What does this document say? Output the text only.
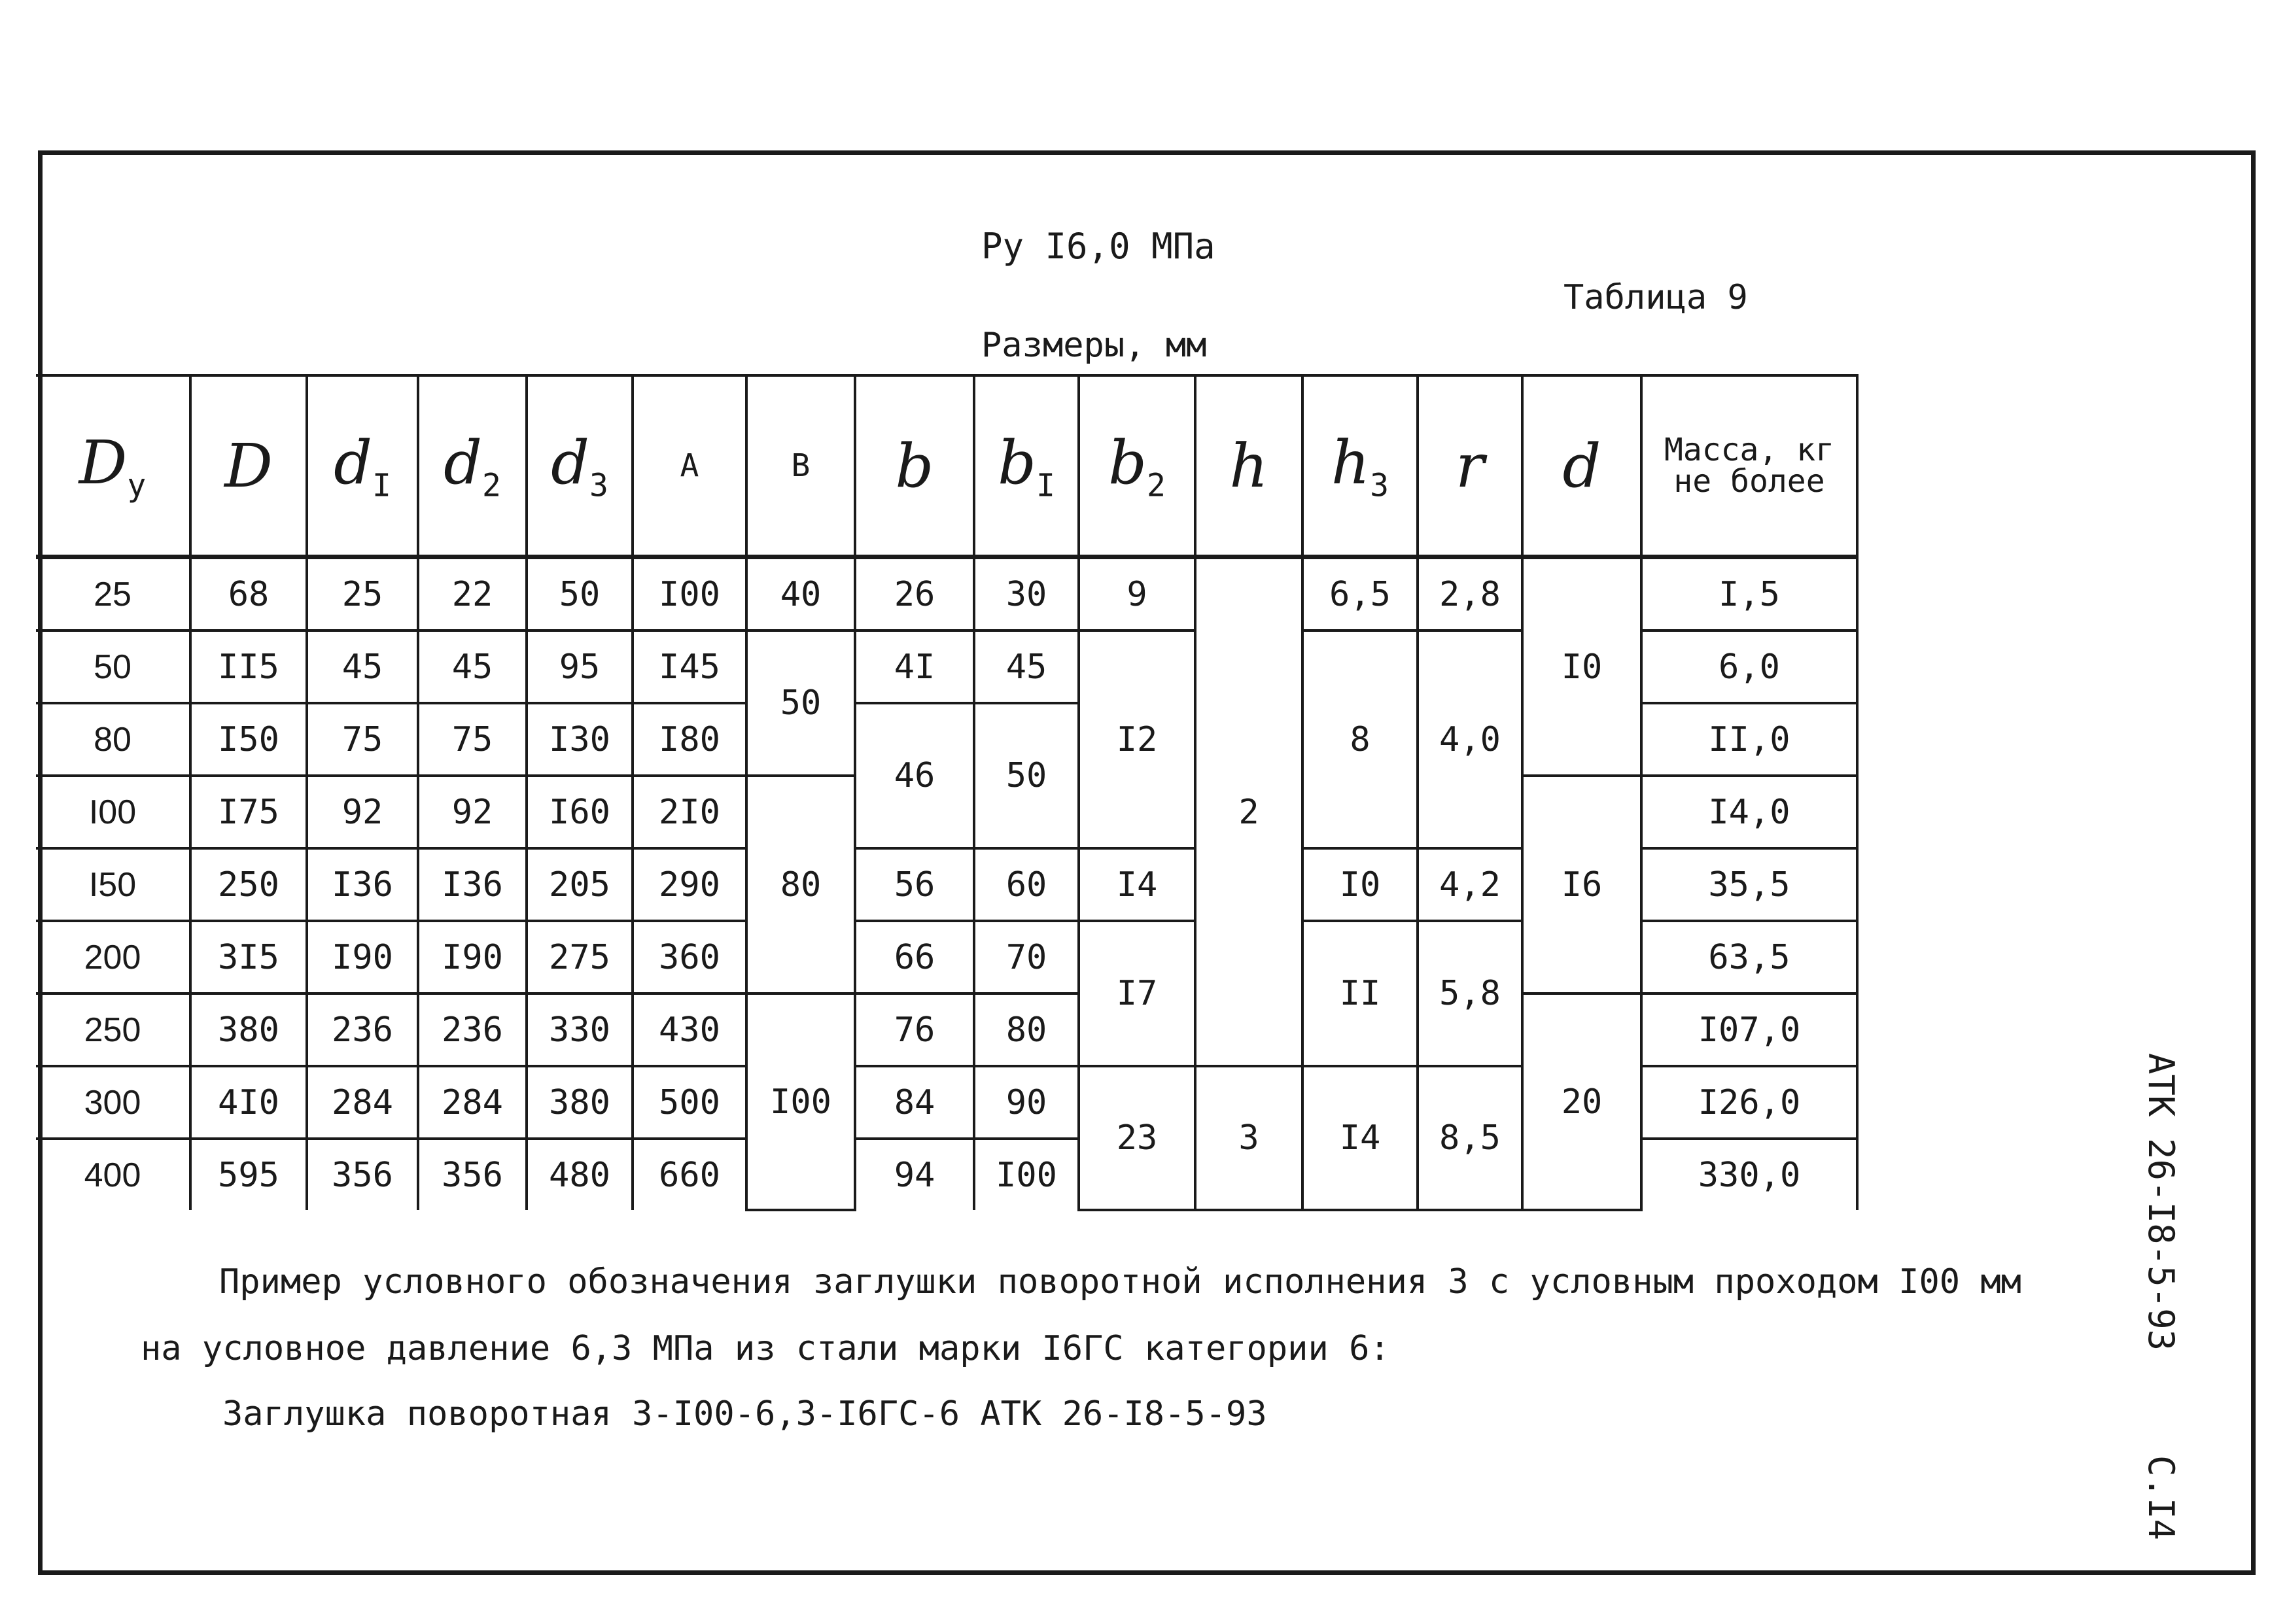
Ру I6,0 МПа
Таблица 9
Размеры, мм
$D_у$	D	$d_I$	$d_2$	$d_3$	А	В	b	$b_I$	$b_2$	h	$h_3$	r	d	Масса, кг не более
25	68	25	22	50	I00	40	26	30	9	2	6,5	2,8	I0	I,5
50	II5	45	45	95	I45	50	4I	45	I2		8	4,0		6,0
80	I50	75	75	I30	I80		46	50						II,0
I00	I75	92	92	I60	2I0	80							I6	I4,0
I50	250	I36	I36	205	290		56	60	I4		I0	4,2		35,5
200	3I5	I90	I90	275	360		66	70	I7		II	5,8		63,5
250	380	236	236	330	430	I00	76	80					20	I07,0
300	4I0	284	284	380	500		84	90	23	3	I4	8,5		I26,0
400	595	356	356	480	660		94	I00						330,0
Пример условного обозначения заглушки поворотной исполнения 3 с условным проходом I00 мм
на условное давление 6,3 МПа из стали марки I6ГС категории 6:
Заглушка поворотная 3-I00-6,3-I6ГС-6 АТК 26-I8-5-93
АТК 26-I8-5-93
С.I4
